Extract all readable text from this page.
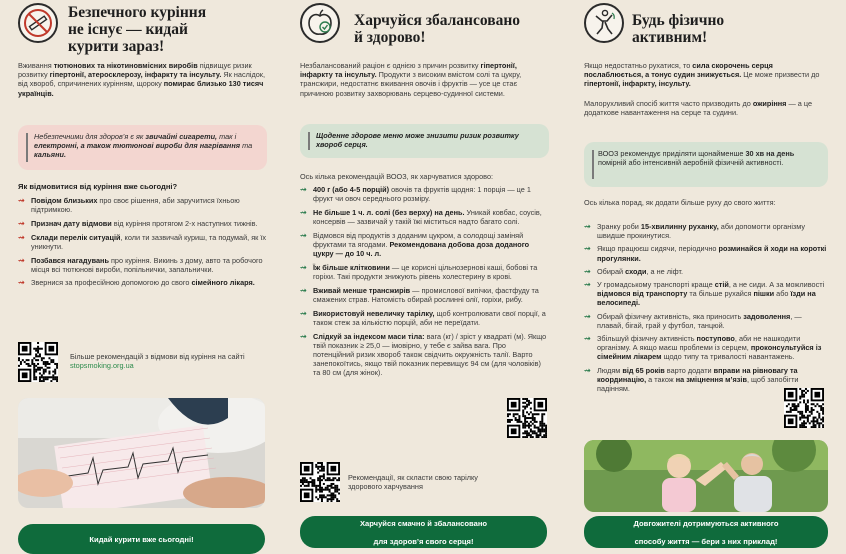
Безпечного куріння
не існує — кидай
курити зараз!

Вживання тютюнових та нікотиновмісних виробів підвищує ризик розвитку гіпертонії, атеросклерозу, інфаркту та інсульту. Як наслідок, від хвороб, спричинених курінням, щороку помирає близько 130 тисяч українців.

Небезпечними для здоров’я є як звичайні сигарети, так і електронні, а також тютюнові вироби для нагрівання та кальяни.

Як відмовитися від куріння вже сьогодні?

⇝ Повідом близьких про своє рішення, аби заручитися їхньою підтримкою.
⇝ Признач дату відмови від куріння протягом 2-х наступних тижнів.
⇝ Склади перелік ситуацій, коли ти зазвичай куриш, та подумай, як їх уникнути.
⇝ Позбався нагадувань про куріння. Викинь з дому, авто та робочого місця всі тютюнові вироби, попільнички, запальнички.
⇝ Звернися за професійною допомогою до свого сімейного лікаря.

Більше рекомендацій з відмови від куріння на сайті stopsmoking.org.ua

Кидай курити вже сьогодні!
Харчуйся збалансовано
й здорово!

Незбалансований раціон є однією з причин розвитку гіпертонії, інфаркту та інсульту. Продукти з високим вмістом солі та цукру, трансжири, недостатнє вживання овочів і фруктів — усе це стає причиною розвитку захворювань серцево-судинної системи.

Щоденне здорове меню може знизити ризик розвитку хвороб серця.

Ось кілька рекомендацій ВООЗ, як харчуватися здорово:

⇝ 400 г (або 4-5 порцій) овочів та фруктів щодня: 1 порція — це 1 фрукт чи овоч середнього розміру.
⇝ Не більше 1 ч. л. солі (без верху) на день. Уникай ковбас, соусів, консервів — зазвичай у такій їжі міститься надто багато солі.
⇝ Відмовся від продуктів з доданим цукром, а солодощі заміняй фруктами та ягодами. Рекомендована добова доза доданого цукру — до 10 ч. л.
⇝ Їж більше клітковини — це корисні цільнозернові каші, бобові та горіхи. Такі продукти знижують рівень холестерину в крові.
⇝ Вживай менше трансжирів — промислової випічки, фастфуду та смажених страв. Натомість обирай рослинні олії, горіхи, рибу.
⇝ Використовуй невеличку тарілку, щоб контролювати свої порції, а також стеж за кількістю порцій, аби не переїдати.
⇝ Слідкуй за індексом маси тіла: вага (кг) / зріст у квадраті (м). Якщо твій показник ≥ 25,0 — імовірно, у тебе є зайва вага. Про потенційний ризик хвороб також свідчить окружність талії. Варто занепокоїтись, якщо твій показник перевищує 94 см (для чоловіків) та 80 см (для жінок).

Рекомендації, як скласти свою тарілку здорового харчування

Харчуйся смачно й збалансовано

для здоров’я свого серця!
Будь фізично
активним!

Якщо недостатньо рухатися, то сила скорочень серця послаблюється, а тонус судин знижується. Це може призвести до гіпертонії, інфаркту, інсульту.

Малорухливий спосіб життя часто призводить до ожиріння — а це додаткове навантаження на серце та судини.

ВООЗ рекомендує приділяти щонайменше 30 хв на день помірній або інтенсивній аеробній фізичній активності.

Ось кілька порад, як додати більше руху до свого життя:

⇝ Зранку роби 15-хвилинну руханку, аби допомогти організму швидше прокинутися.
⇝ Якщо працюєш сидячи, періодично розминайся й ходи на короткі прогулянки.
⇝ Обирай сходи, а не ліфт.
⇝ У громадському транспорті краще стій, а не сиди. А за можливості відмовся від транспорту та більше рухайся пішки або їзди на велосипеді.
⇝ Обирай фізичну активність, яка приносить задоволення, — плавай, бігай, грай у футбол, танцюй.
⇝ Збільшуй фізичну активність поступово, аби не нашкодити організму. А якщо маєш проблеми із серцем, проконсультуйся із сімейним лікарем щодо типу та тривалості навантажень.
⇝ Людям від 65 років варто додати вправи на рівновагу та координацію, а також на зміцнення м’язів, щоб запобігти падінням.
Довгожителі дотримуються активного

способу життя — бери з них приклад!
